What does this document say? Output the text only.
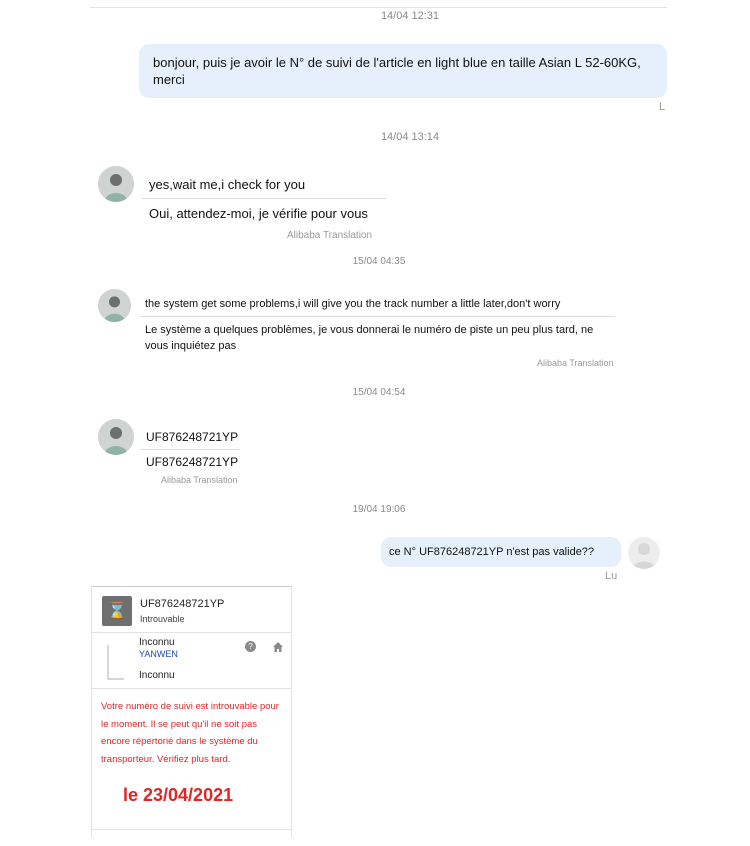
14/04 12:31
bonjour, puis je avoir le N° de suivi de l'article en light blue en taille Asian L 52-60KG, merci
L
14/04 13:14
yes,wait me,i check for you
Oui, attendez-moi, je vérifie pour vous
Alibaba Translation
15/04 04:35
the system get some problems,i will give you the track number a little later,don't worry
Le système a quelques problèmes, je vous donnerai le numéro de piste un peu plus tard, ne vous inquiétez pas
Alibaba Translation
15/04 04:54
UF876248721YP
UF876248721YP
Alibaba Translation
19/04 19:06
ce N° UF876248721YP n'est pas valide??
Lu
⌛	UF876248721YP
Introuvable
Inconnu
YANWEN
?
Inconnu
Votre numéro de suivi est introuvable pour le moment. Il se peut qu'il ne soit pas encore répertorié dans le système du transporteur. Vérifiez plus tard.
le 23/04/2021
